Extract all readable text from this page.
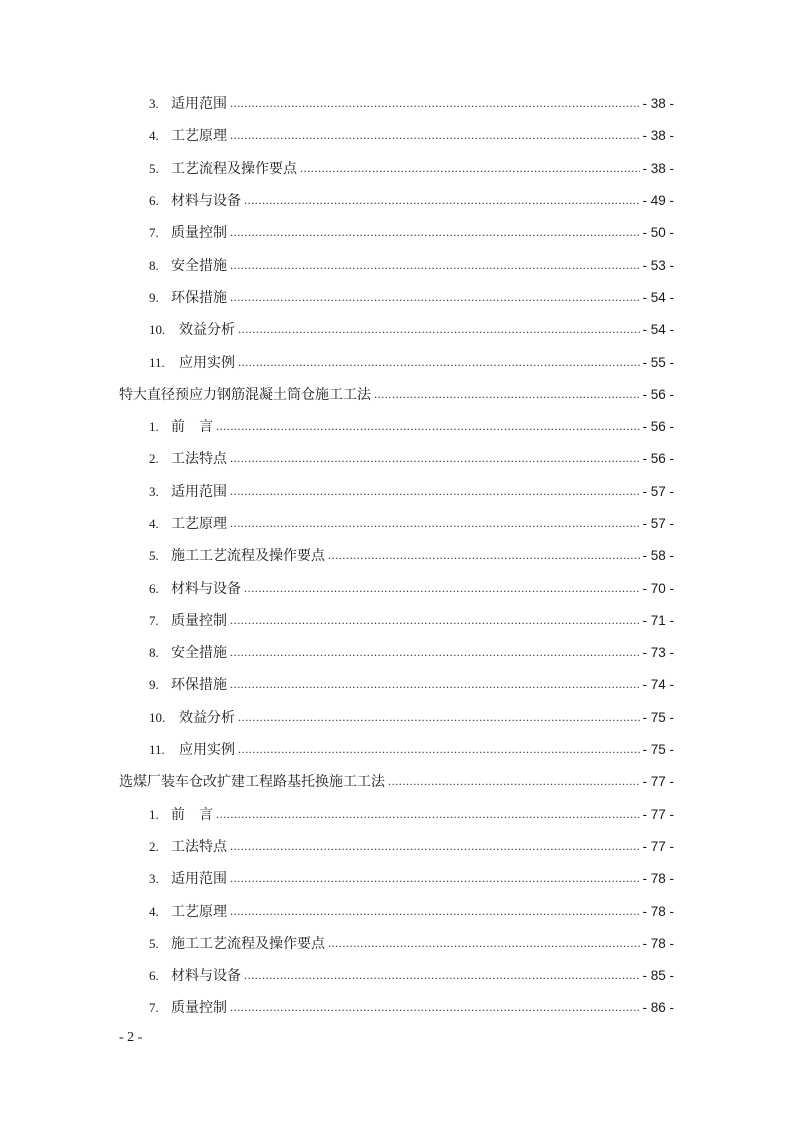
3. 适用范围 .....	- 38 -
4. 工艺原理 .....	- 38 -
5. 工艺流程及操作要点 .....	- 38 -
6. 材料与设备 .....	- 49 -
7. 质量控制 .....	- 50 -
8. 安全措施 .....	- 53 -
9. 环保措施 .....	- 54 -
10. 效益分析 .....	- 54 -
11. 应用实例 .....	- 55 -
特大直径预应力钢筋混凝土筒仓施工工法 .....	- 56 -
1. 前　言 .....	- 56 -
2. 工法特点 .....	- 56 -
3. 适用范围 .....	- 57 -
4. 工艺原理 .....	- 57 -
5. 施工工艺流程及操作要点 .....	- 58 -
6. 材料与设备 .....	- 70 -
7. 质量控制 .....	- 71 -
8. 安全措施 .....	- 73 -
9. 环保措施 .....	- 74 -
10. 效益分析 .....	- 75 -
11. 应用实例 .....	- 75 -
选煤厂装车仓改扩建工程路基托换施工工法 .....	- 77 -
1. 前　言 .....	- 77 -
2. 工法特点 .....	- 77 -
3. 适用范围 .....	- 78 -
4. 工艺原理 .....	- 78 -
5. 施工工艺流程及操作要点 .....	- 78 -
6. 材料与设备 .....	- 85 -
7. 质量控制 .....	- 86 -
- 2 -
